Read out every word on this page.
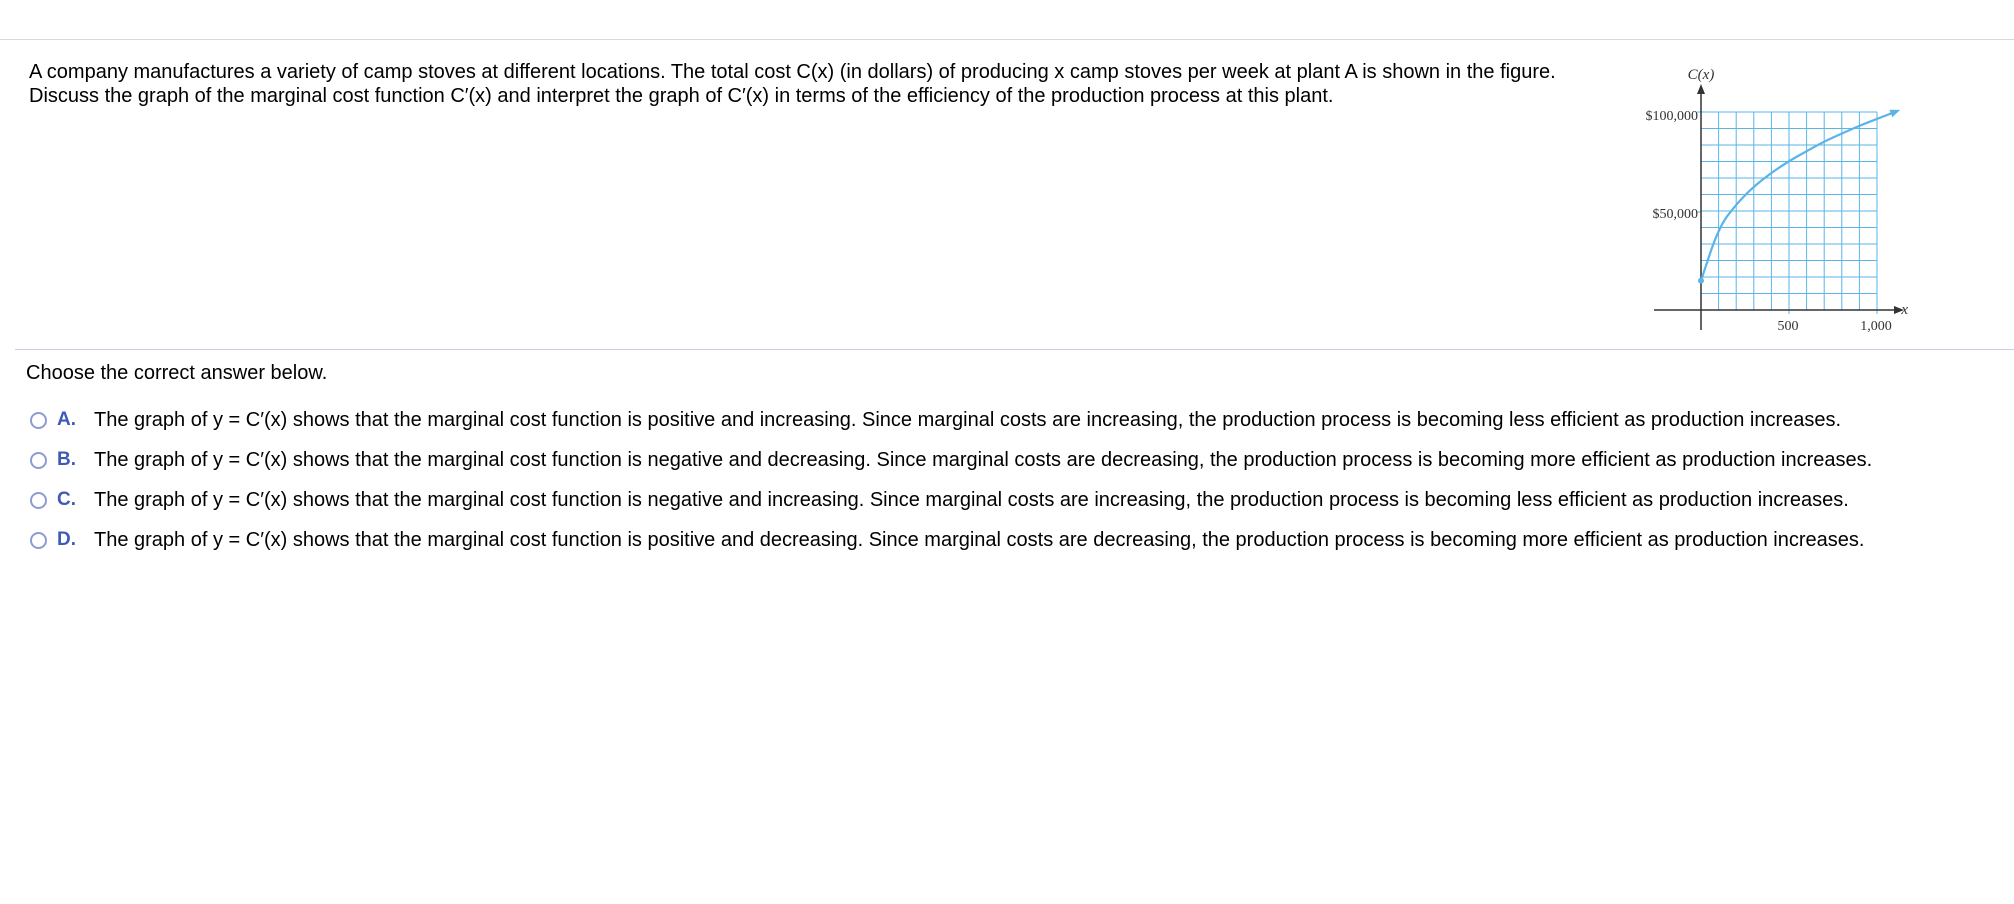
A company manufactures a variety of camp stoves at different locations. The total cost C(x) (in dollars) of producing x camp stoves per week at plant A is shown in the figure.

Discuss the graph of the marginal cost function C′(x) and interpret the graph of C′(x) in terms of the efficiency of the production process at this plant.

C(x)
x
$100,000
$50,000
500	1,000
Choose the correct answer below.
A. The graph of y = C′(x) shows that the marginal cost function is positive and increasing. Since marginal costs are increasing, the production process is becoming less efficient as production increases.
B. The graph of y = C′(x) shows that the marginal cost function is negative and decreasing. Since marginal costs are decreasing, the production process is becoming more efficient as production increases.
C. The graph of y = C′(x) shows that the marginal cost function is negative and increasing. Since marginal costs are increasing, the production process is becoming less efficient as production increases.
D. The graph of y = C′(x) shows that the marginal cost function is positive and decreasing. Since marginal costs are decreasing, the production process is becoming more efficient as production increases.
